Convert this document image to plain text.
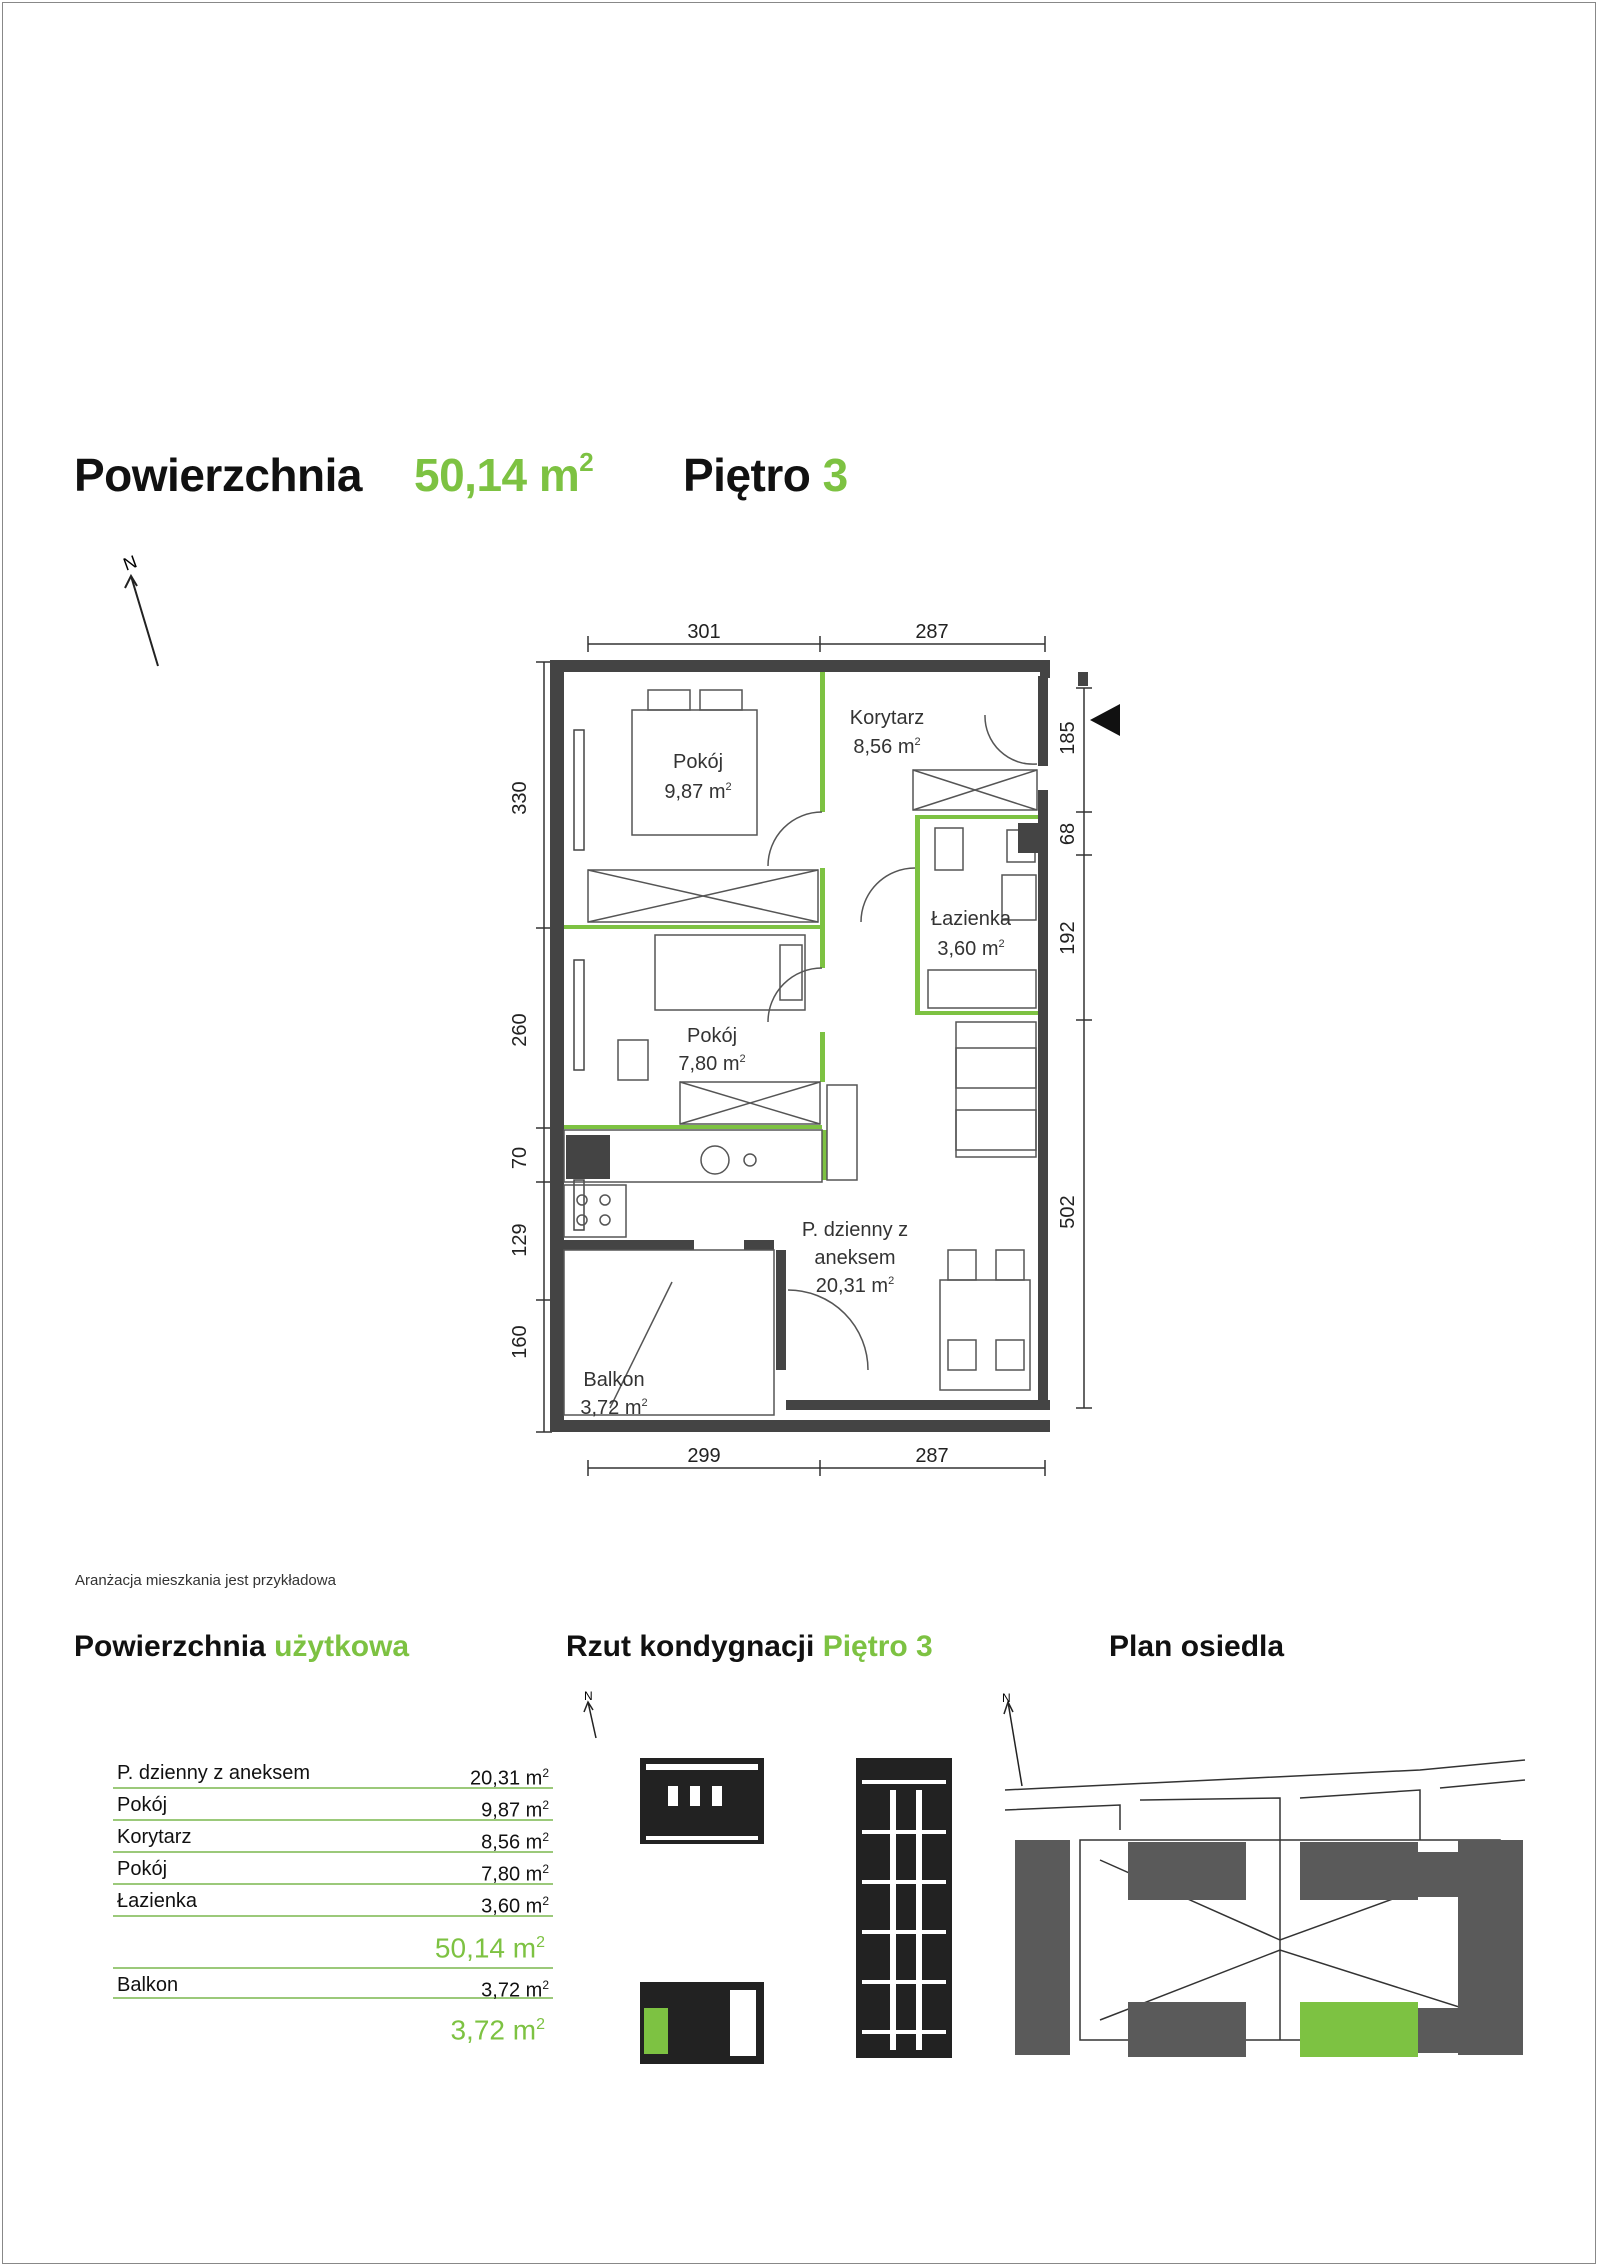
Powierzchnia 50,14 $m^2$ Piętro 3
N
301	287
299	287
330
260
70
129
160
185
68
192
502
Pokój
9,87 $m^2$
Korytarz
8,56 $m^2$
Łazienka
3,60 $m^2$
Pokój
7,80 $m^2$
P. dzienny z
aneksem
20,31 $m^2$
Balkon
3,72 $m^2$
Aranżacja mieszkania jest przykładowa
Powierzchnia użytkowa	Rzut kondygnacji Piętro 3	Plan osiedla
P. dzienny z aneksem	20,31 $m^2$
Pokój	9,87 $m^2$
Korytarz	8,56 $m^2$
Pokój	7,80 $m^2$
Łazienka	3,60 $m^2$
50,14 $m^2$
Balkon	3,72 $m^2$
3,72 $m^2$
N	N
